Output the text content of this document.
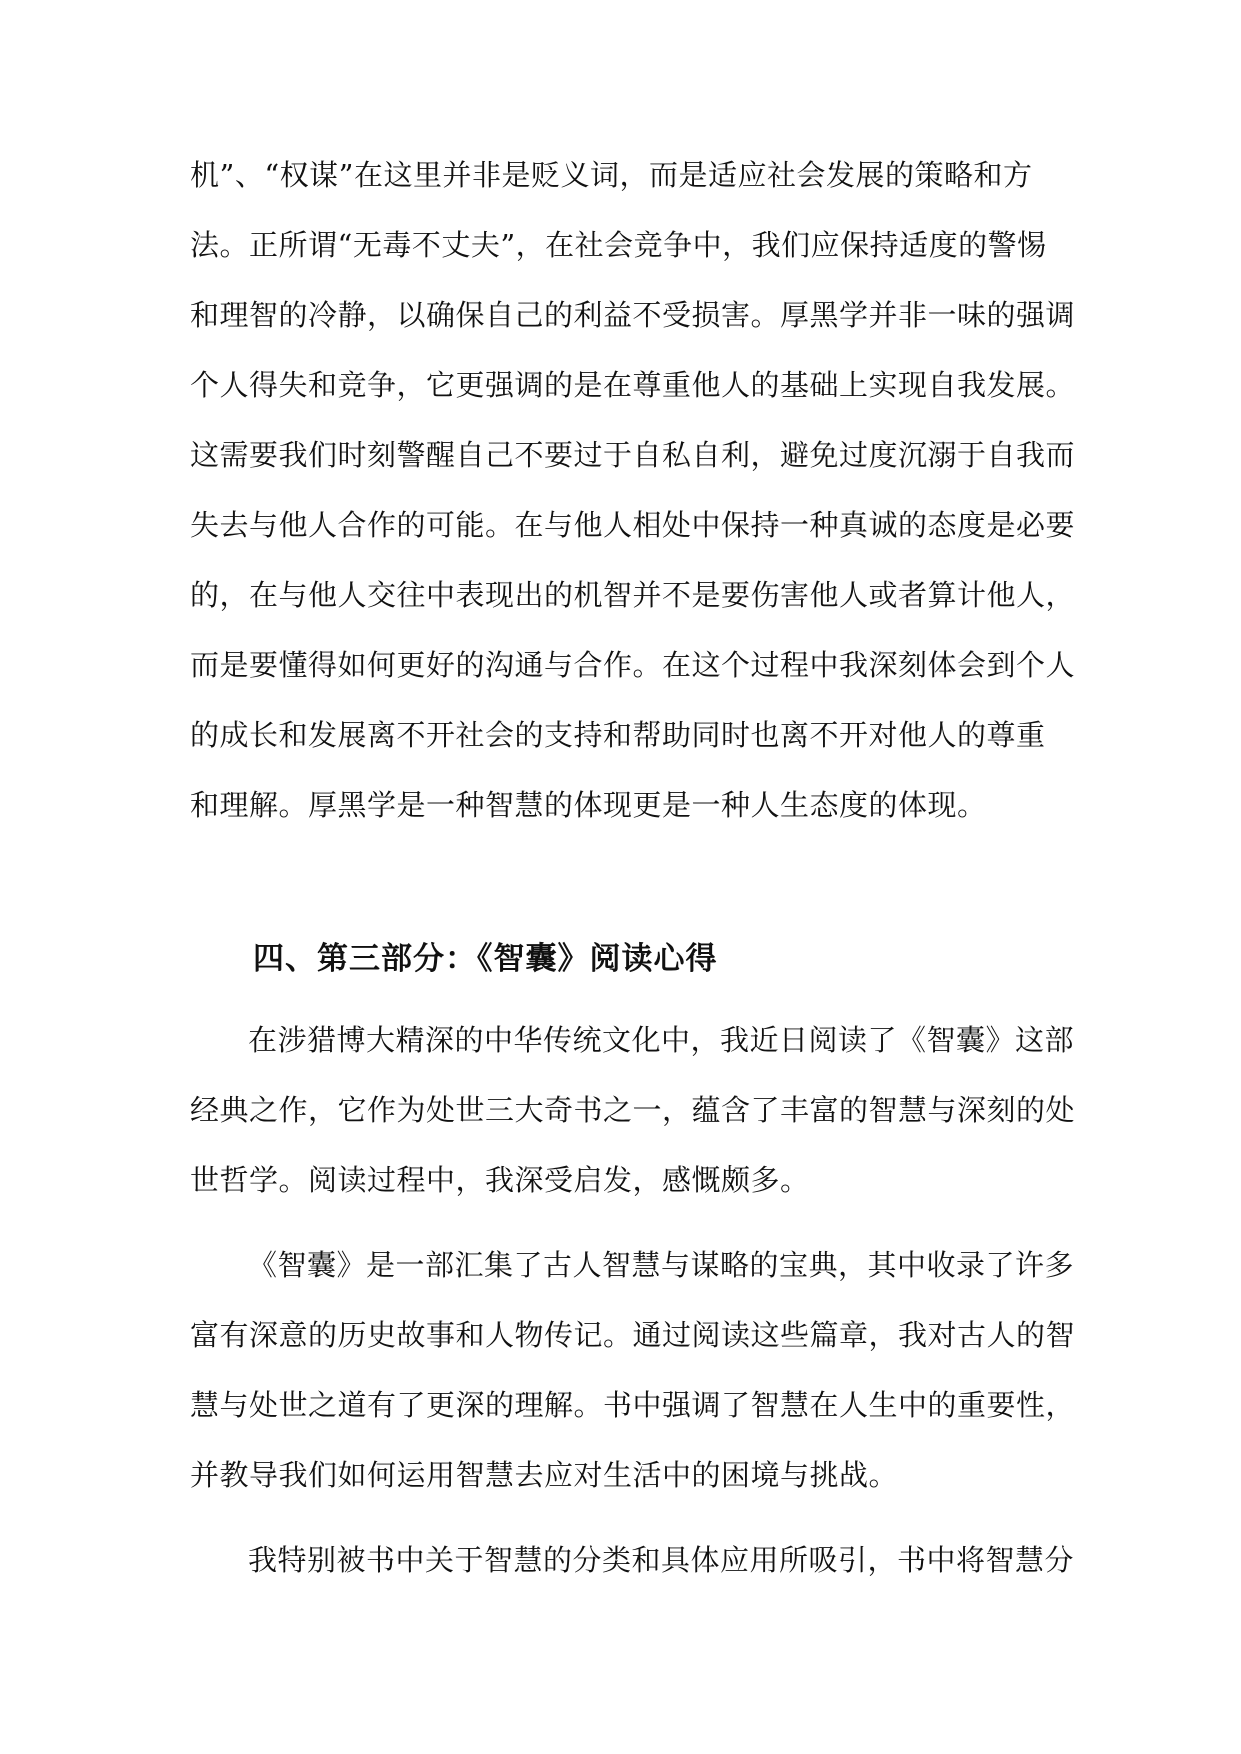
机”、“权谋”在这里并非是贬义词，而是适应社会发展的策略和方
法。正所谓“无毒不丈夫”，在社会竞争中，我们应保持适度的警惕
和理智的冷静，以确保自己的利益不受损害。厚黑学并非一味的强调
个人得失和竞争，它更强调的是在尊重他人的基础上实现自我发展。
这需要我们时刻警醒自己不要过于自私自利，避免过度沉溺于自我而
失去与他人合作的可能。在与他人相处中保持一种真诚的态度是必要
的，在与他人交往中表现出的机智并不是要伤害他人或者算计他人，
而是要懂得如何更好的沟通与合作。在这个过程中我深刻体会到个人
的成长和发展离不开社会的支持和帮助同时也离不开对他人的尊重
和理解。厚黑学是一种智慧的体现更是一种人生态度的体现。
四、第三部分：《智囊》阅读心得
在涉猎博大精深的中华传统文化中，我近日阅读了《智囊》这部
经典之作，它作为处世三大奇书之一，蕴含了丰富的智慧与深刻的处
世哲学。阅读过程中，我深受启发，感慨颇多。
《智囊》是一部汇集了古人智慧与谋略的宝典，其中收录了许多
富有深意的历史故事和人物传记。通过阅读这些篇章，我对古人的智
慧与处世之道有了更深的理解。书中强调了智慧在人生中的重要性，
并教导我们如何运用智慧去应对生活中的困境与挑战。
我特别被书中关于智慧的分类和具体应用所吸引，书中将智慧分
